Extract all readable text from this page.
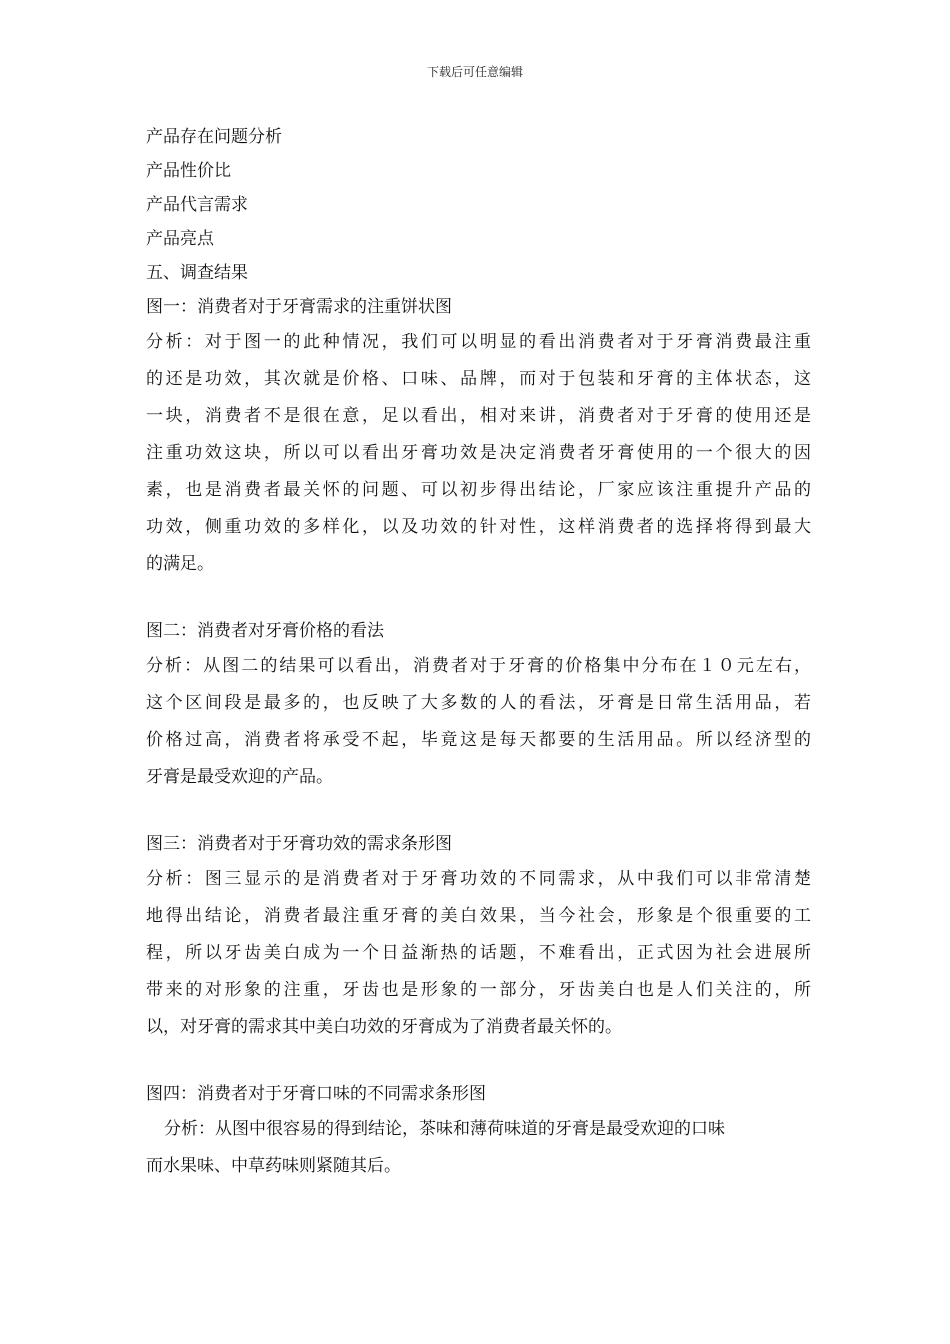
下载后可任意编辑
产品存在问题分析
产品性价比
产品代言需求
产品亮点
五、调查结果
图一：消费者对于牙膏需求的注重饼状图
分析：对于图一的此种情况，我们可以明显的看出消费者对于牙膏消费最注重
的还是功效，其次就是价格、口味、品牌，而对于包装和牙膏的主体状态，这
一块，消费者不是很在意，足以看出，相对来讲，消费者对于牙膏的使用还是
注重功效这块，所以可以看出牙膏功效是决定消费者牙膏使用的一个很大的因
素，也是消费者最关怀的问题、可以初步得出结论，厂家应该注重提升产品的
功效，侧重功效的多样化，以及功效的针对性，这样消费者的选择将得到最大
的满足。
图二：消费者对牙膏价格的看法
分析：从图二的结果可以看出，消费者对于牙膏的价格集中分布在１０元左右，
这个区间段是最多的，也反映了大多数的人的看法，牙膏是日常生活用品，若
价格过高，消费者将承受不起，毕竟这是每天都要的生活用品。所以经济型的
牙膏是最受欢迎的产品。
图三：消费者对于牙膏功效的需求条形图
分析：图三显示的是消费者对于牙膏功效的不同需求，从中我们可以非常清楚
地得出结论，消费者最注重牙膏的美白效果，当今社会，形象是个很重要的工
程，所以牙齿美白成为一个日益渐热的话题，不难看出，正式因为社会进展所
带来的对形象的注重，牙齿也是形象的一部分，牙齿美白也是人们关注的，所
以，对牙膏的需求其中美白功效的牙膏成为了消费者最关怀的。
图四：消费者对于牙膏口味的不同需求条形图
分析：从图中很容易的得到结论，茶味和薄荷味道的牙膏是最受欢迎的口味
而水果味、中草药味则紧随其后。
